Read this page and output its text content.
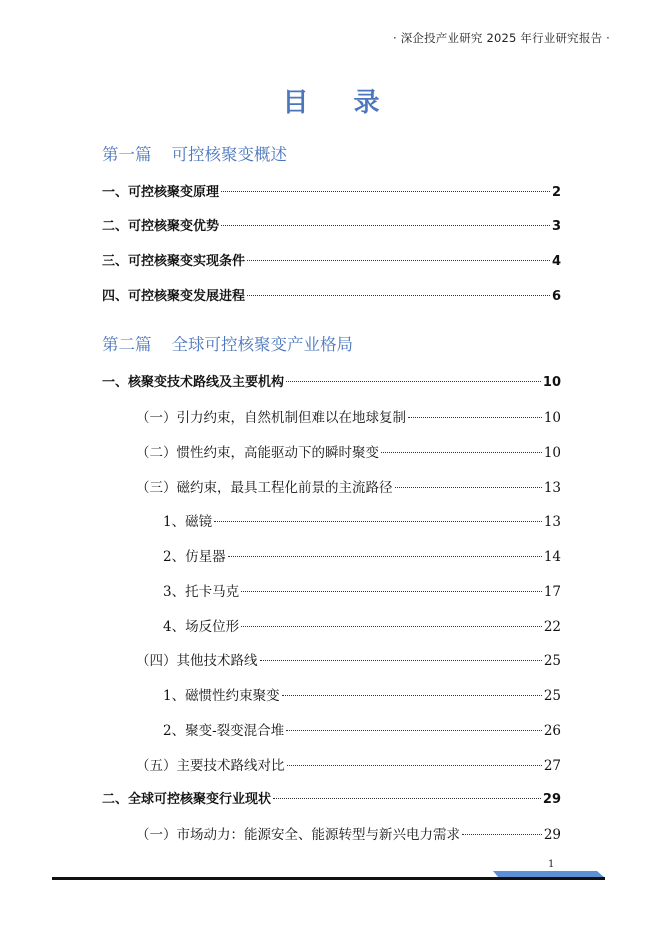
· 深企投产业研究 2025 年行业研究报告 ·
目 录
第一篇 可控核聚变概述
一、可控核聚变原理	2
二、可控核聚变优势	3
三、可控核聚变实现条件	4
四、可控核聚变发展进程	6
第二篇 全球可控核聚变产业格局
一、核聚变技术路线及主要机构	10
（一）引力约束，自然机制但难以在地球复制	10
（二）惯性约束，高能驱动下的瞬时聚变	10
（三）磁约束，最具工程化前景的主流路径	13
1、磁镜	13
2、仿星器	14
3、托卡马克	17
4、场反位形	22
（四）其他技术路线	25
1、磁惯性约束聚变	25
2、聚变-裂变混合堆	26
（五）主要技术路线对比	27
二、全球可控核聚变行业现状	29
（一）市场动力：能源安全、能源转型与新兴电力需求	29
1
